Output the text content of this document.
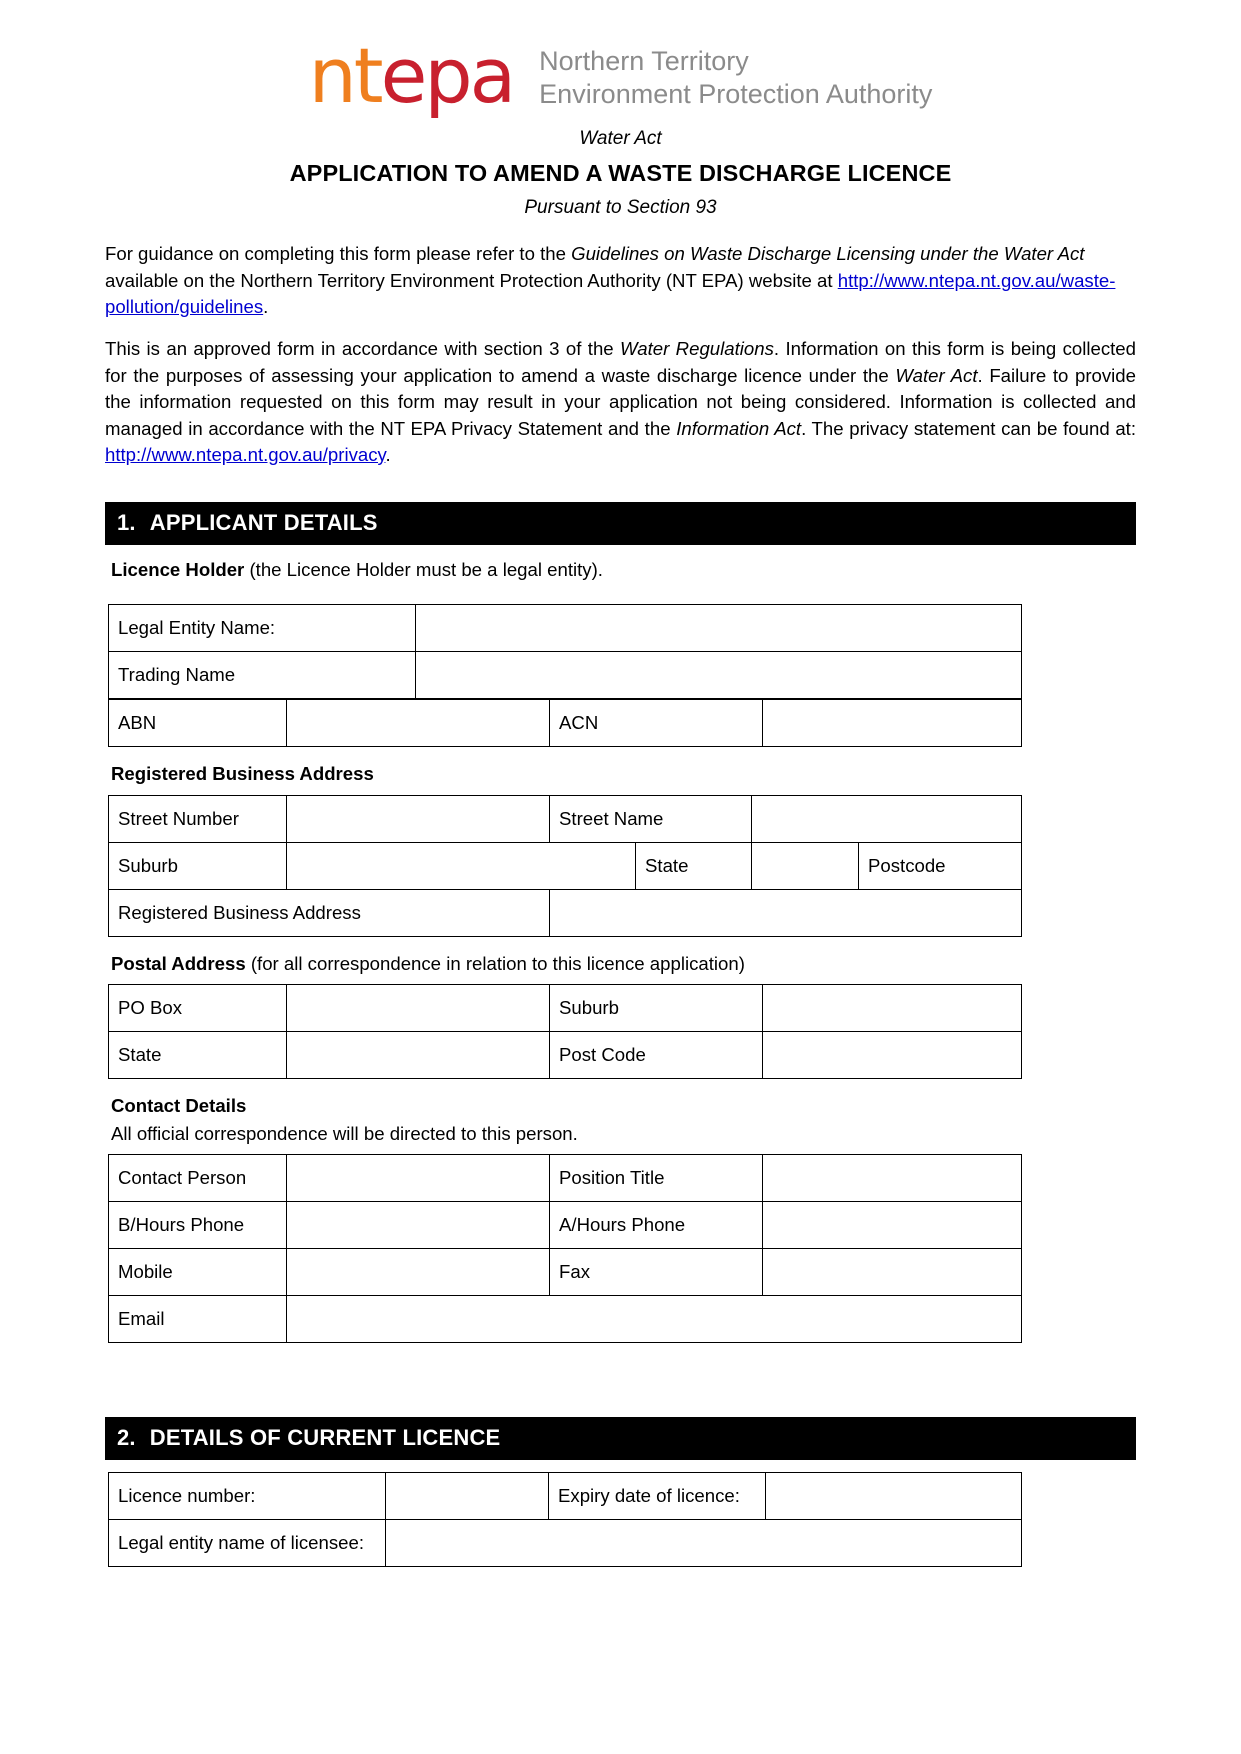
ntepa Northern Territory
Environment Protection Authority
Water Act
APPLICATION TO AMEND A WASTE DISCHARGE LICENCE
Pursuant to Section 93

For guidance on completing this form please refer to the Guidelines on Waste Discharge Licensing under the Water Act available on the Northern Territory Environment Protection Authority (NT EPA) website at http://www.ntepa.nt.gov.au/waste-pollution/guidelines.

This is an approved form in accordance with section 3 of the Water Regulations. Information on this form is being collected for the purposes of assessing your application to amend a waste discharge licence under the Water Act. Failure to provide the information requested on this form may result in your application not being considered. Information is collected and managed in accordance with the NT EPA Privacy Statement and the Information Act. The privacy statement can be found at: http://www.ntepa.nt.gov.au/privacy.

1. APPLICANT DETAILS
Licence Holder (the Licence Holder must be a legal entity).
Legal Entity Name:	
Trading Name	
ABN		ACN	
Registered Business Address
Street Number		Street Name			
Suburb			State		Postcode
Registered Business Address					
Postal Address (for all correspondence in relation to this licence application)
PO Box		Suburb	
State		Post Code	
Contact Details
All official correspondence will be directed to this person.
Contact Person		Position Title	
B/Hours Phone		A/Hours Phone	
Mobile		Fax	
Email			
2. DETAILS OF CURRENT LICENCE
Licence number:		Expiry date of licence:	
Legal entity name of licensee:			
